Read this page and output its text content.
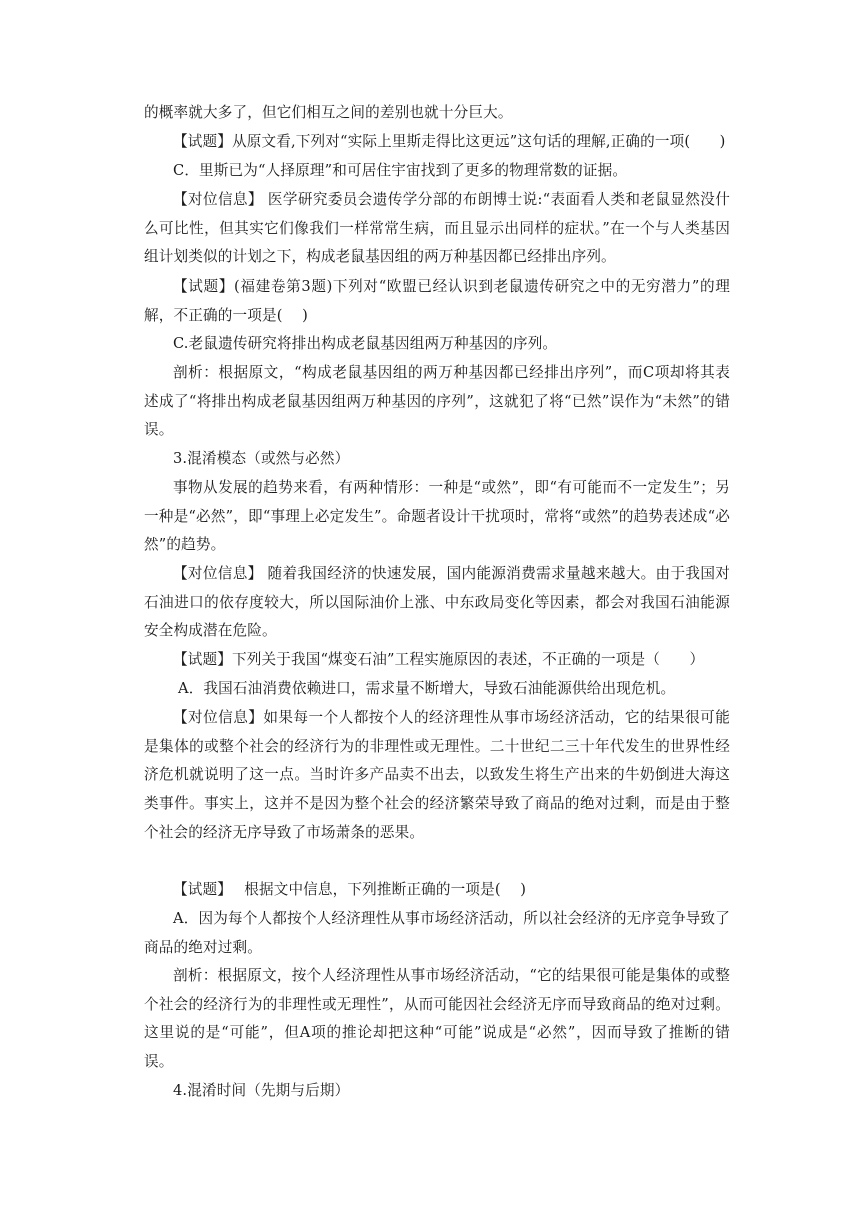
的概率就大多了，但它们相互之间的差别也就十分巨大。

【试题】从原文看,下列对“实际上里斯走得比这更远”这句话的理解,正确的一项(　　)

C．里斯已为“人择原理”和可居住宇宙找到了更多的物理常数的证据。

【对位信息】 医学研究委员会遗传学分部的布朗博士说:“表面看人类和老鼠显然没什么可比性，但其实它们像我们一样常常生病，而且显示出同样的症状。”在一个与人类基因组计划类似的计划之下，构成老鼠基因组的两万种基因都已经排出序列。

【试题】(福建卷第3题)下列对“欧盟已经认识到老鼠遗传研究之中的无穷潜力”的理解，不正确的一项是(　 )

C.老鼠遗传研究将排出构成老鼠基因组两万种基因的序列。

剖析：根据原文，“构成老鼠基因组的两万种基因都已经排出序列”，而C项却将其表述成了“将排出构成老鼠基因组两万种基因的序列”，这就犯了将“已然”误作为“未然”的错误。

3.混淆模态（或然与必然）

事物从发展的趋势来看，有两种情形：一种是“或然”，即“有可能而不一定发生”；另一种是“必然”，即“事理上必定发生”。命题者设计干扰项时，常将“或然”的趋势表述成“必然”的趋势。

【对位信息】 随着我国经济的快速发展，国内能源消费需求量越来越大。由于我国对石油进口的依存度较大，所以国际油价上涨、中东政局变化等因素，都会对我国石油能源安全构成潜在危险。

【试题】下列关于我国“煤变石油”工程实施原因的表述，不正确的一项是（　　）

A．我国石油消费依赖进口，需求量不断增大，导致石油能源供给出现危机。

【对位信息】如果每一个人都按个人的经济理性从事市场经济活动，它的结果很可能是集体的或整个社会的经济行为的非理性或无理性。二十世纪二三十年代发生的世界性经济危机就说明了这一点。当时许多产品卖不出去，以致发生将生产出来的牛奶倒进大海这类事件。事实上，这并不是因为整个社会的经济繁荣导致了商品的绝对过剩，而是由于整个社会的经济无序导致了市场萧条的恶果。

【试题】　 根据文中信息，下列推断正确的一项是(　 )

A．因为每个人都按个人经济理性从事市场经济活动，所以社会经济的无序竞争导致了商品的绝对过剩。

剖析：根据原文，按个人经济理性从事市场经济活动，“它的结果很可能是集体的或整个社会的经济行为的非理性或无理性”，从而可能因社会经济无序而导致商品的绝对过剩。这里说的是“可能”，但A项的推论却把这种“可能”说成是“必然”，因而导致了推断的错误。

4.混淆时间（先期与后期）
